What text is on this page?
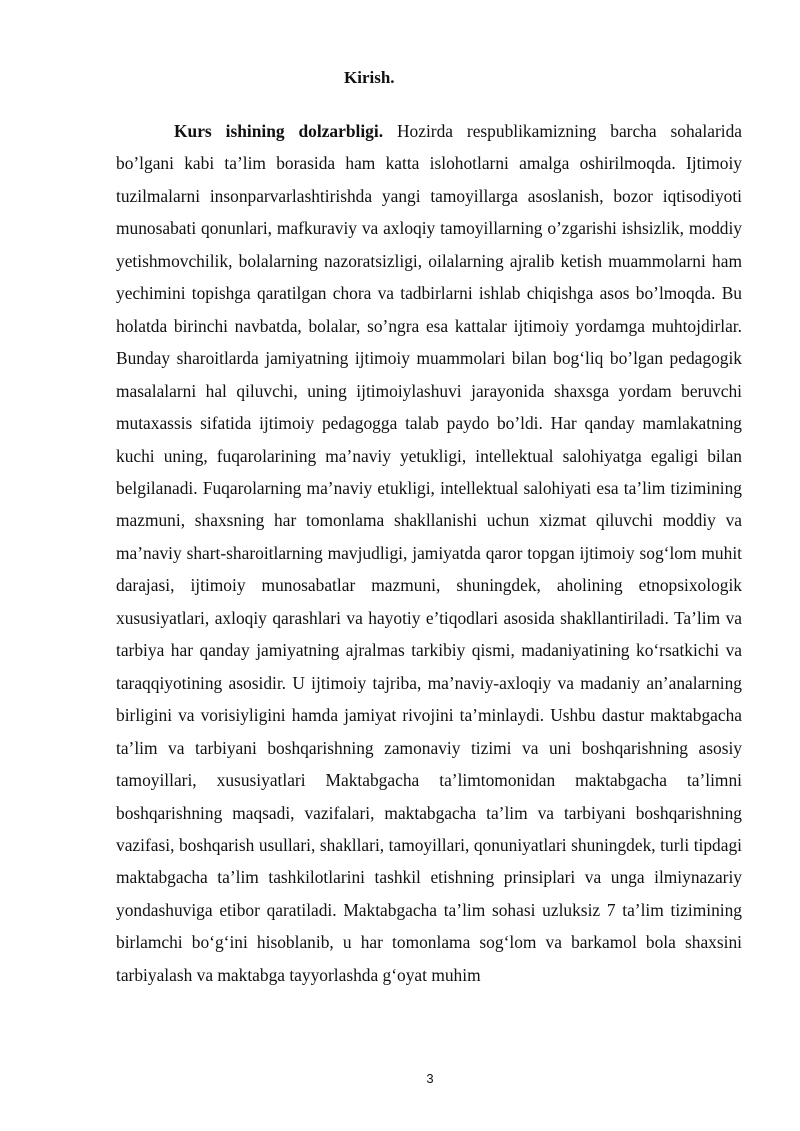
Kirish.

Kurs ishining dolzarbligi. Hozirda respublikamizning barcha sohalarida bo’lgani kabi ta’lim borasida ham katta islohotlarni amalga oshirilmoqda. Ijtimoiy tuzilmalarni insonparvarlashtirishda yangi tamoyillarga asoslanish, bozor iqtisodiyoti munosabati qonunlari, mafkuraviy va axloqiy tamoyillarning o’zgarishi ishsizlik, moddiy yetishmovchilik, bolalarning nazoratsizligi, oilalarning ajralib ketish muammolarni ham yechimini topishga qaratilgan chora va tadbirlarni ishlab chiqishga asos bo’lmoqda. Bu holatda birinchi navbatda, bolalar, so’ngra esa kattalar ijtimoiy yordamga muhtojdirlar. Bunday sharoitlarda jamiyatning ijtimoiy muammolari bilan bog‘liq bo’lgan pedagogik masalalarni hal qiluvchi, uning ijtimoiylashuvi jarayonida shaxsga yordam beruvchi mutaxassis sifatida ijtimoiy pedagogga talab paydo bo’ldi. Har qanday mamlakatning kuchi uning, fuqarolarining ma’naviy yetukligi, intellektual salohiyatga egaligi bilan belgilanadi. Fuqarolarning ma’naviy etukligi, intellektual salohiyati esa ta’lim tizimining mazmuni, shaxsning har tomonlama shakllanishi uchun xizmat qiluvchi moddiy va ma’naviy shart-sharoitlarning mavjudligi, jamiyatda qaror topgan ijtimoiy sog‘lom muhit darajasi, ijtimoiy munosabatlar mazmuni, shuningdek, aholining etnopsixologik xususiyatlari, axloqiy qarashlari va hayotiy e’tiqodlari asosida shakllantiriladi. Ta’lim va tarbiya har qanday jamiyatning ajralmas tarkibiy qismi, madaniyatining ko‘rsatkichi va taraqqiyotining asosidir. U ijtimoiy tajriba, ma’naviy-axloqiy va madaniy an’analarning birligini va vorisiyligini hamda jamiyat rivojini ta’minlaydi. Ushbu dastur maktabgacha ta’lim va tarbiyani boshqarishning zamonaviy tizimi va uni boshqarishning asosiy tamoyillari, xususiyatlari Maktabgacha ta’limtomonidan maktabgacha ta’limni boshqarishning maqsadi, vazifalari, maktabgacha ta’lim va tarbiyani boshqarishning vazifasi, boshqarish usullari, shakllari, tamoyillari, qonuniyatlari shuningdek, turli tipdagi maktabgacha ta’lim tashkilotlarini tashkil etishning prinsiplari va unga ilmiynazariy yondashuviga etibor qaratiladi. Maktabgacha ta’lim sohasi uzluksiz 7 ta’lim tizimining birlamchi bo‘g‘ini hisoblanib, u har tomonlama sog‘lom va barkamol bola shaxsini tarbiyalash va maktabga tayyorlashda g‘oyat muhim

3
